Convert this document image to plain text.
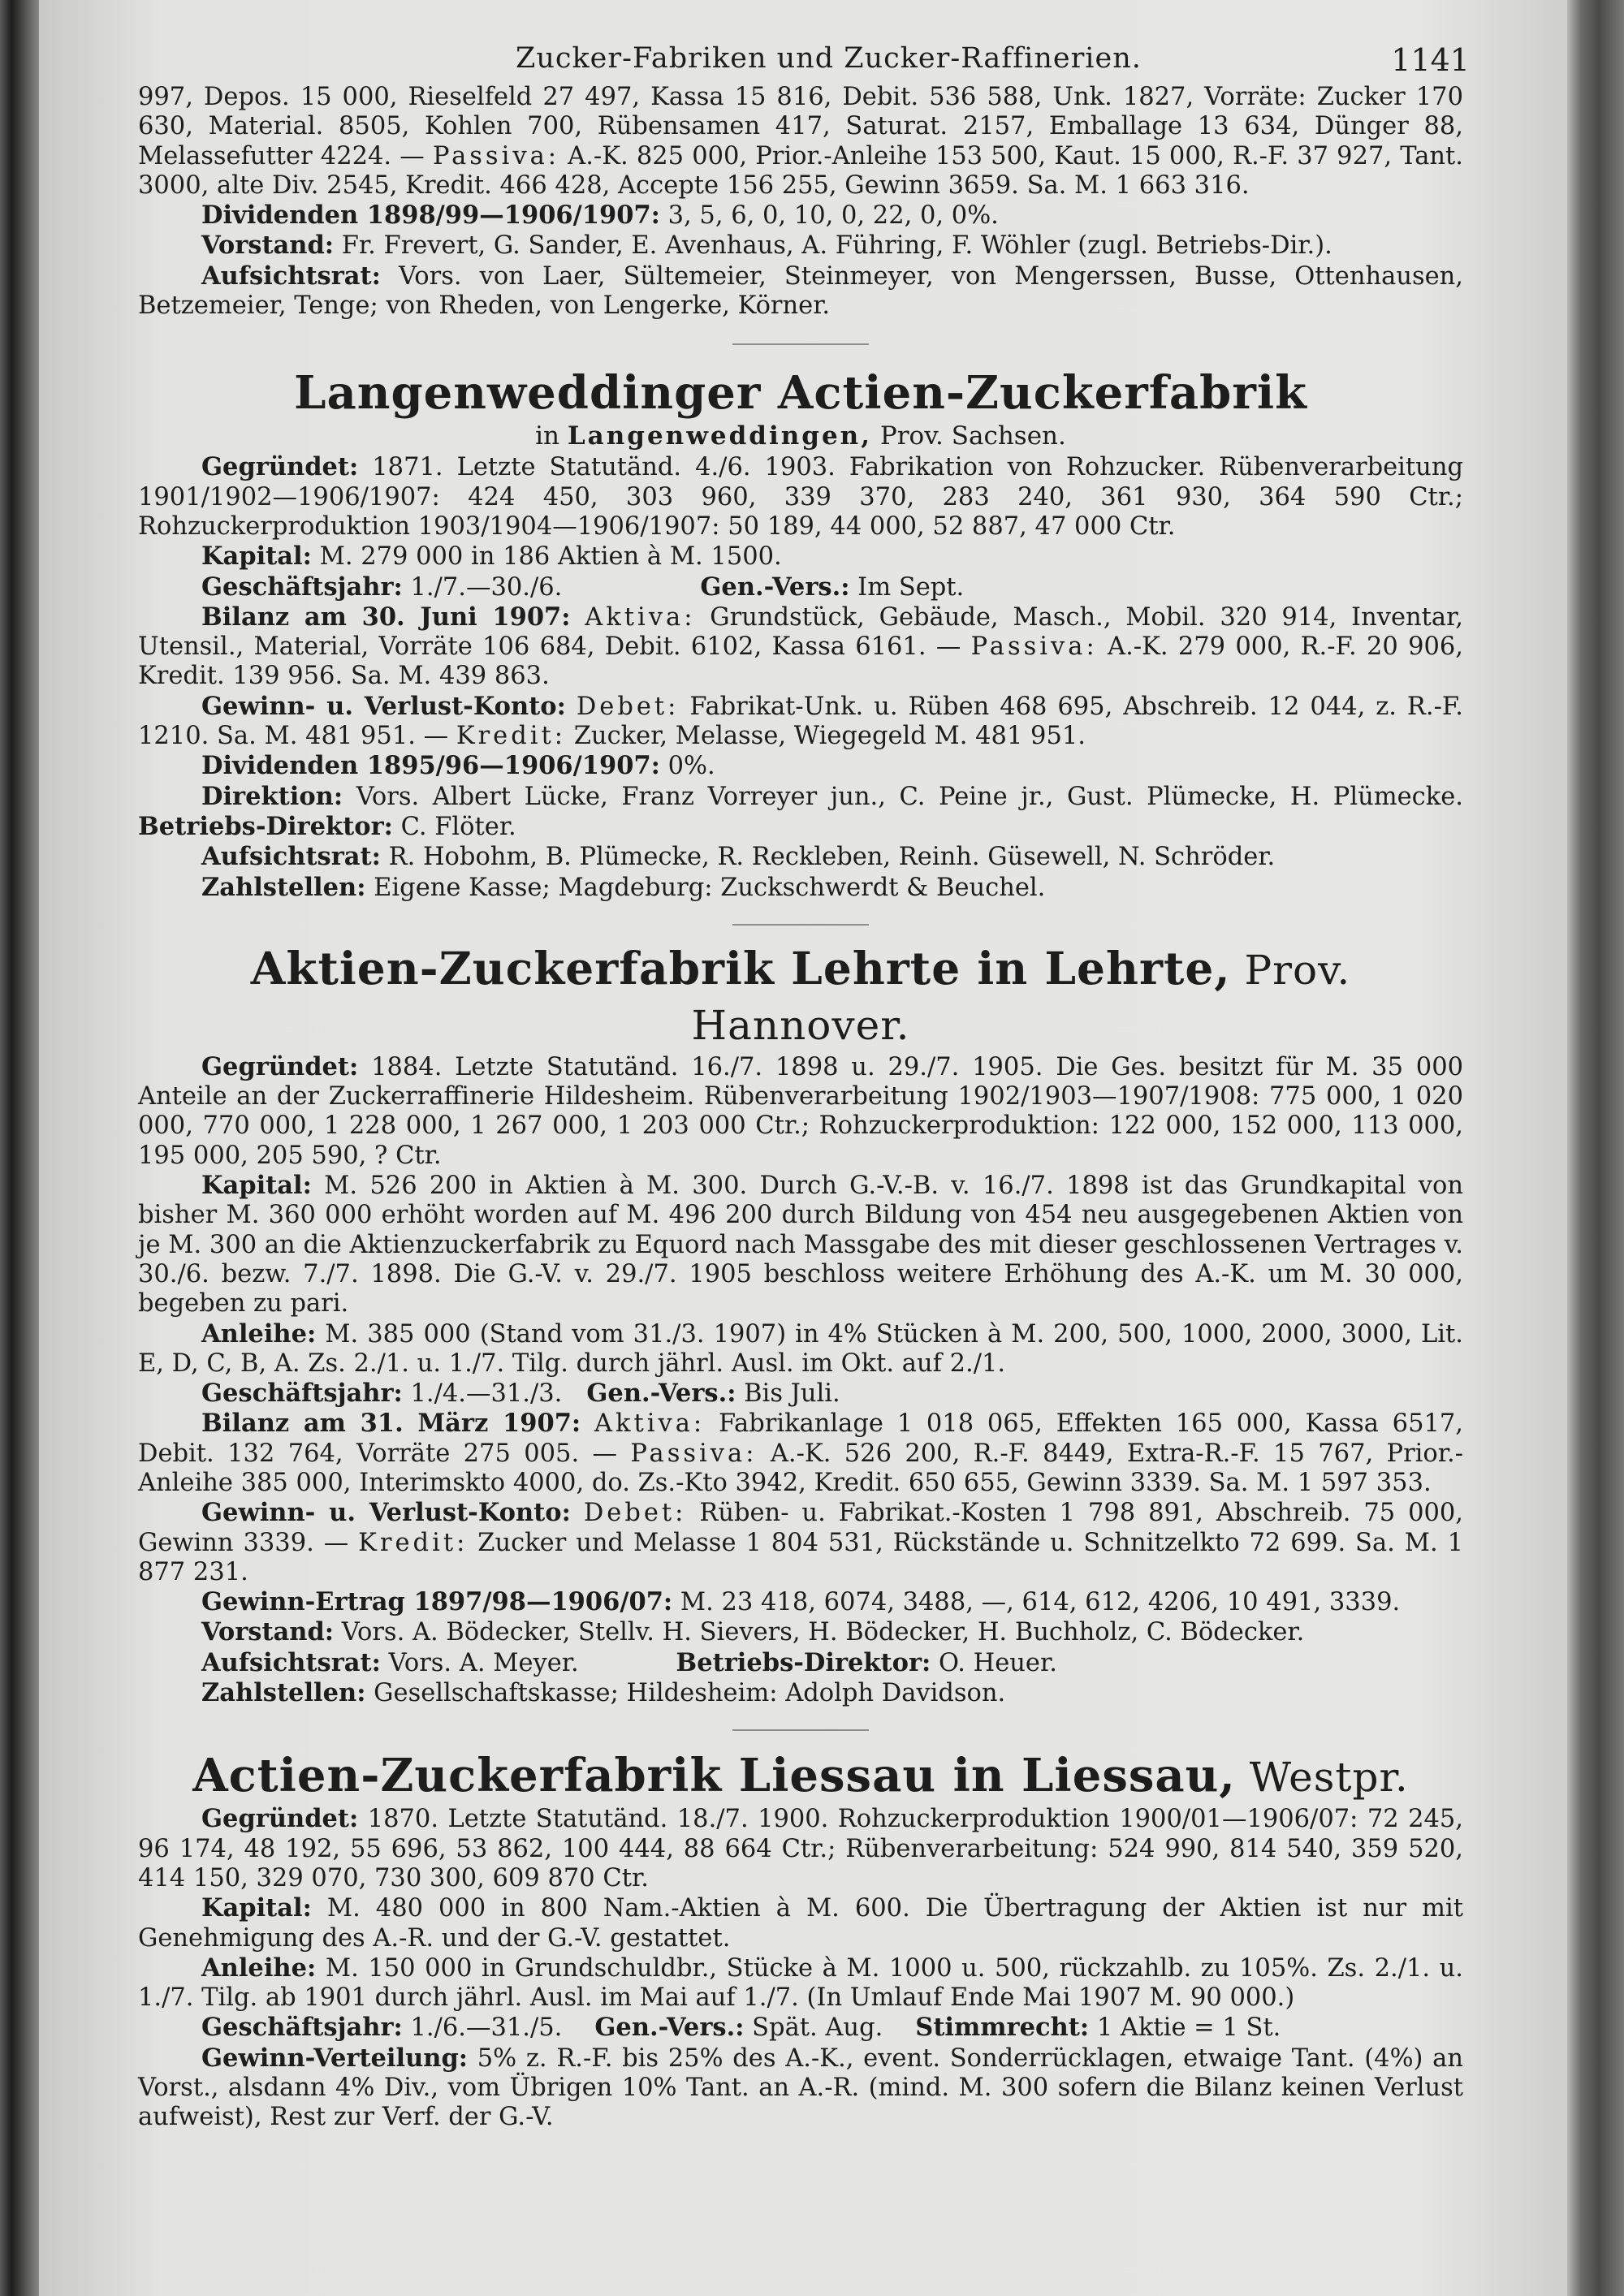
Zucker-Fabriken und Zucker-Raffinerien.	1141

997, Depos. 15 000, Rieselfeld 27 497, Kassa 15 816, Debit. 536 588, Unk. 1827, Vorräte: Zucker 170 630, Material. 8505, Kohlen 700, Rübensamen 417, Saturat. 2157, Emballage 13 634, Dünger 88, Melassefutter 4224. — Passiva: A.-K. 825 000, Prior.-Anleihe 153 500, Kaut. 15 000, R.-F. 37 927, Tant. 3000, alte Div. 2545, Kredit. 466 428, Accepte 156 255, Gewinn 3659. Sa. M. 1 663 316.

Dividenden 1898/99—1906/1907: 3, 5, 6, 0, 10, 0, 22, 0, 0%.

Vorstand: Fr. Frevert, G. Sander, E. Avenhaus, A. Führing, F. Wöhler (zugl. Betriebs-Dir.).

Aufsichtsrat: Vors. von Laer, Sültemeier, Steinmeyer, von Mengerssen, Busse, Ottenhausen, Betzemeier, Tenge; von Rheden, von Lengerke, Körner.

Langenweddinger Actien-Zuckerfabrik
in Langenweddingen, Prov. Sachsen.

Gegründet: 1871. Letzte Statutänd. 4./6. 1903. Fabrikation von Rohzucker. Rübenverarbeitung 1901/1902—1906/1907: 424 450, 303 960, 339 370, 283 240, 361 930, 364 590 Ctr.; Rohzuckerproduktion 1903/1904—1906/1907: 50 189, 44 000, 52 887, 47 000 Ctr.

Kapital: M. 279 000 in 186 Aktien à M. 1500.

Geschäftsjahr: 1./7.—30./6.	Gen.-Vers.: Im Sept.

Bilanz am 30. Juni 1907: Aktiva: Grundstück, Gebäude, Masch., Mobil. 320 914, Inventar, Utensil., Material, Vorräte 106 684, Debit. 6102, Kassa 6161. — Passiva: A.-K. 279 000, R.-F. 20 906, Kredit. 139 956. Sa. M. 439 863.

Gewinn- u. Verlust-Konto: Debet: Fabrikat-Unk. u. Rüben 468 695, Abschreib. 12 044, z. R.-F. 1210. Sa. M. 481 951. — Kredit: Zucker, Melasse, Wiegegeld M. 481 951.

Dividenden 1895/96—1906/1907: 0%.

Direktion: Vors. Albert Lücke, Franz Vorreyer jun., C. Peine jr., Gust. Plümecke, H. Plümecke. Betriebs-Direktor: C. Flöter.

Aufsichtsrat: R. Hobohm, B. Plümecke, R. Reckleben, Reinh. Güsewell, N. Schröder.

Zahlstellen: Eigene Kasse; Magdeburg: Zuckschwerdt & Beuchel.

Aktien-Zuckerfabrik Lehrte in Lehrte, Prov. Hannover.

Gegründet: 1884. Letzte Statutänd. 16./7. 1898 u. 29./7. 1905. Die Ges. besitzt für M. 35 000 Anteile an der Zuckerraffinerie Hildesheim. Rübenverarbeitung 1902/1903—1907/1908: 775 000, 1 020 000, 770 000, 1 228 000, 1 267 000, 1 203 000 Ctr.; Rohzuckerproduktion: 122 000, 152 000, 113 000, 195 000, 205 590, ? Ctr.

Kapital: M. 526 200 in Aktien à M. 300. Durch G.-V.-B. v. 16./7. 1898 ist das Grundkapital von bisher M. 360 000 erhöht worden auf M. 496 200 durch Bildung von 454 neu ausgegebenen Aktien von je M. 300 an die Aktienzuckerfabrik zu Equord nach Massgabe des mit dieser geschlossenen Vertrages v. 30./6. bezw. 7./7. 1898. Die G.-V. v. 29./7. 1905 beschloss weitere Erhöhung des A.-K. um M. 30 000, begeben zu pari.

Anleihe: M. 385 000 (Stand vom 31./3. 1907) in 4% Stücken à M. 200, 500, 1000, 2000, 3000, Lit. E, D, C, B, A. Zs. 2./1. u. 1./7. Tilg. durch jährl. Ausl. im Okt. auf 2./1.

Geschäftsjahr: 1./4.—31./3. Gen.-Vers.: Bis Juli.

Bilanz am 31. März 1907: Aktiva: Fabrikanlage 1 018 065, Effekten 165 000, Kassa 6517, Debit. 132 764, Vorräte 275 005. — Passiva: A.-K. 526 200, R.-F. 8449, Extra-R.-F. 15 767, Prior.-Anleihe 385 000, Interimskto 4000, do. Zs.-Kto 3942, Kredit. 650 655, Gewinn 3339. Sa. M. 1 597 353.

Gewinn- u. Verlust-Konto: Debet: Rüben- u. Fabrikat.-Kosten 1 798 891, Abschreib. 75 000, Gewinn 3339. — Kredit: Zucker und Melasse 1 804 531, Rückstände u. Schnitzelkto 72 699. Sa. M. 1 877 231.

Gewinn-Ertrag 1897/98—1906/07: M. 23 418, 6074, 3488, —, 614, 612, 4206, 10 491, 3339.

Vorstand: Vors. A. Bödecker, Stellv. H. Sievers, H. Bödecker, H. Buchholz, C. Bödecker.

Aufsichtsrat: Vors. A. Meyer.	Betriebs-Direktor: O. Heuer.

Zahlstellen: Gesellschaftskasse; Hildesheim: Adolph Davidson.

Actien-Zuckerfabrik Liessau in Liessau, Westpr.

Gegründet: 1870. Letzte Statutänd. 18./7. 1900. Rohzuckerproduktion 1900/01—1906/07: 72 245, 96 174, 48 192, 55 696, 53 862, 100 444, 88 664 Ctr.; Rübenverarbeitung: 524 990, 814 540, 359 520, 414 150, 329 070, 730 300, 609 870 Ctr.

Kapital: M. 480 000 in 800 Nam.-Aktien à M. 600. Die Übertragung der Aktien ist nur mit Genehmigung des A.-R. und der G.-V. gestattet.

Anleihe: M. 150 000 in Grundschuldbr., Stücke à M. 1000 u. 500, rückzahlb. zu 105%. Zs. 2./1. u. 1./7. Tilg. ab 1901 durch jährl. Ausl. im Mai auf 1./7. (In Umlauf Ende Mai 1907 M. 90 000.)

Geschäftsjahr: 1./6.—31./5. Gen.-Vers.: Spät. Aug. Stimmrecht: 1 Aktie = 1 St.

Gewinn-Verteilung: 5% z. R.-F. bis 25% des A.-K., event. Sonderrücklagen, etwaige Tant. (4%) an Vorst., alsdann 4% Div., vom Übrigen 10% Tant. an A.-R. (mind. M. 300 sofern die Bilanz keinen Verlust aufweist), Rest zur Verf. der G.-V.
